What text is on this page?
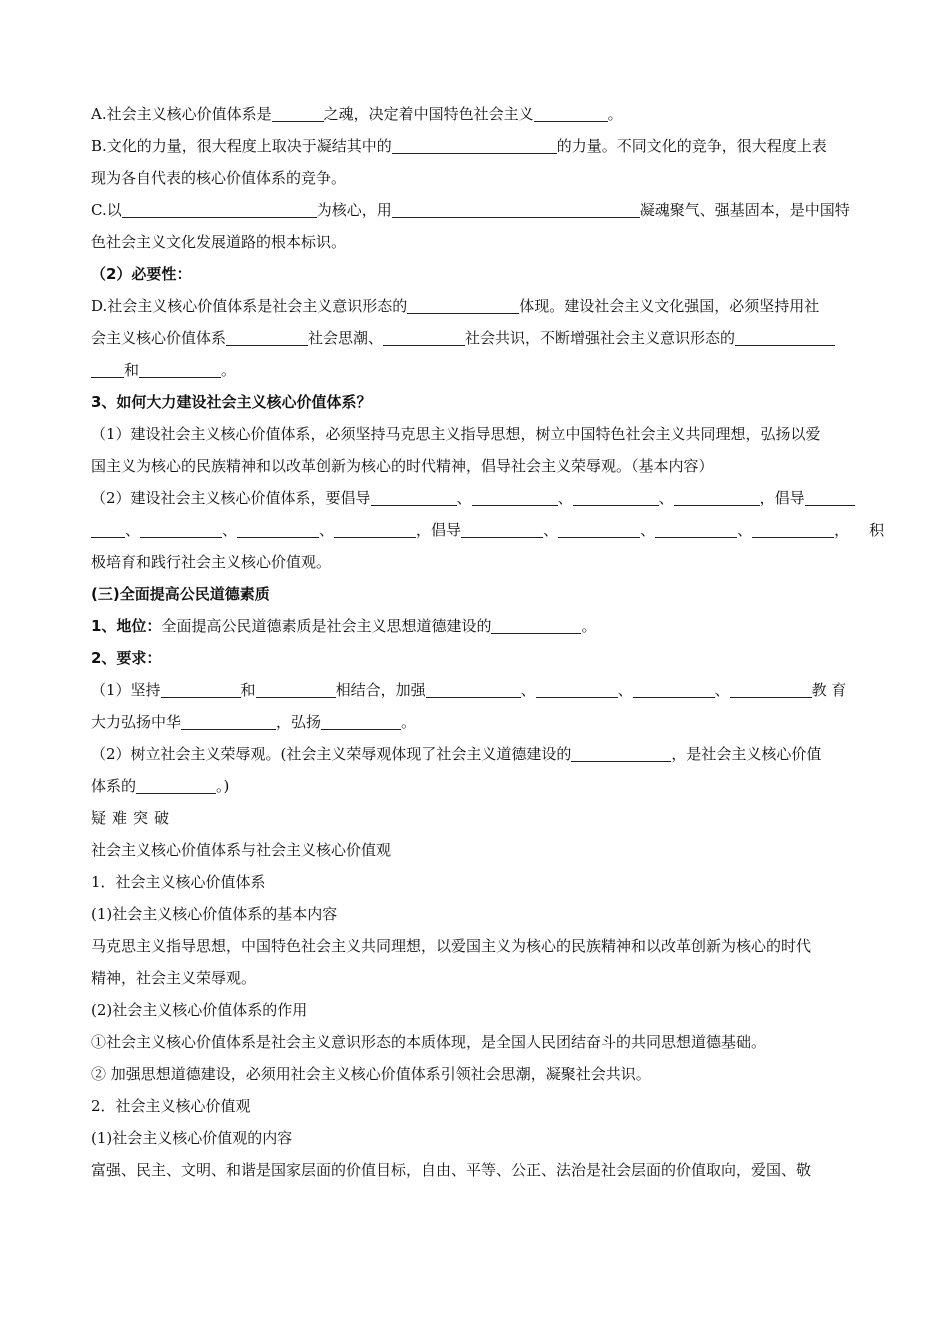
A.社会主义核心价值体系是	之魂，决定着中国特色社会主义	。
B.文化的力量，很大程度上取决于凝结其中的	的力量。不同文化的竞争，很大程度上表
现为各自代表的核心价值体系的竞争。
C.以	为核心，用	凝魂聚气、强基固本，是中国特
色社会主义文化发展道路的根本标识。
（2）必要性：
D.社会主义核心价值体系是社会主义意识形态的	体现。建设社会主义文化强国，必须坚持用社
会主义核心价值体系	社会思潮、	社会共识，不断增强社会主义意识形态的
和	。
3、如何大力建设社会主义核心价值体系？
（1）建设社会主义核心价值体系，必须坚持马克思主义指导思想，树立中国特色社会主义共同理想，弘扬以爱
国主义为核心的民族精神和以改革创新为核心的时代精神，倡导社会主义荣辱观。（基本内容）
（2）建设社会主义核心价值体系，要倡导	、	、	、	，倡导
、	、	、	，倡导	、	、	、	， 积
极培育和践行社会主义核心价值观。
(三)全面提高公民道德素质
1、地位：全面提高公民道德素质是社会主义思想道德建设的	。
2、要求：
（1）坚持	和	相结合，加强	、	、	、	教 育
大力弘扬中华	，弘扬	。
（2）树立社会主义荣辱观。(社会主义荣辱观体现了社会主义道德建设的	，是社会主义核心价值
体系的	。)
疑难突破
社会主义核心价值体系与社会主义核心价值观
1．社会主义核心价值体系
(1)社会主义核心价值体系的基本内容
马克思主义指导思想，中国特色社会主义共同理想，以爱国主义为核心的民族精神和以改革创新为核心的时代
精神，社会主义荣辱观。
(2)社会主义核心价值体系的作用
①社会主义核心价值体系是社会主义意识形态的本质体现，是全国人民团结奋斗的共同思想道德基础。
② 加强思想道德建设，必须用社会主义核心价值体系引领社会思潮，凝聚社会共识。
2．社会主义核心价值观
(1)社会主义核心价值观的内容
富强、民主、文明、和谐是国家层面的价值目标，自由、平等、公正、法治是社会层面的价值取向，爱国、敬
